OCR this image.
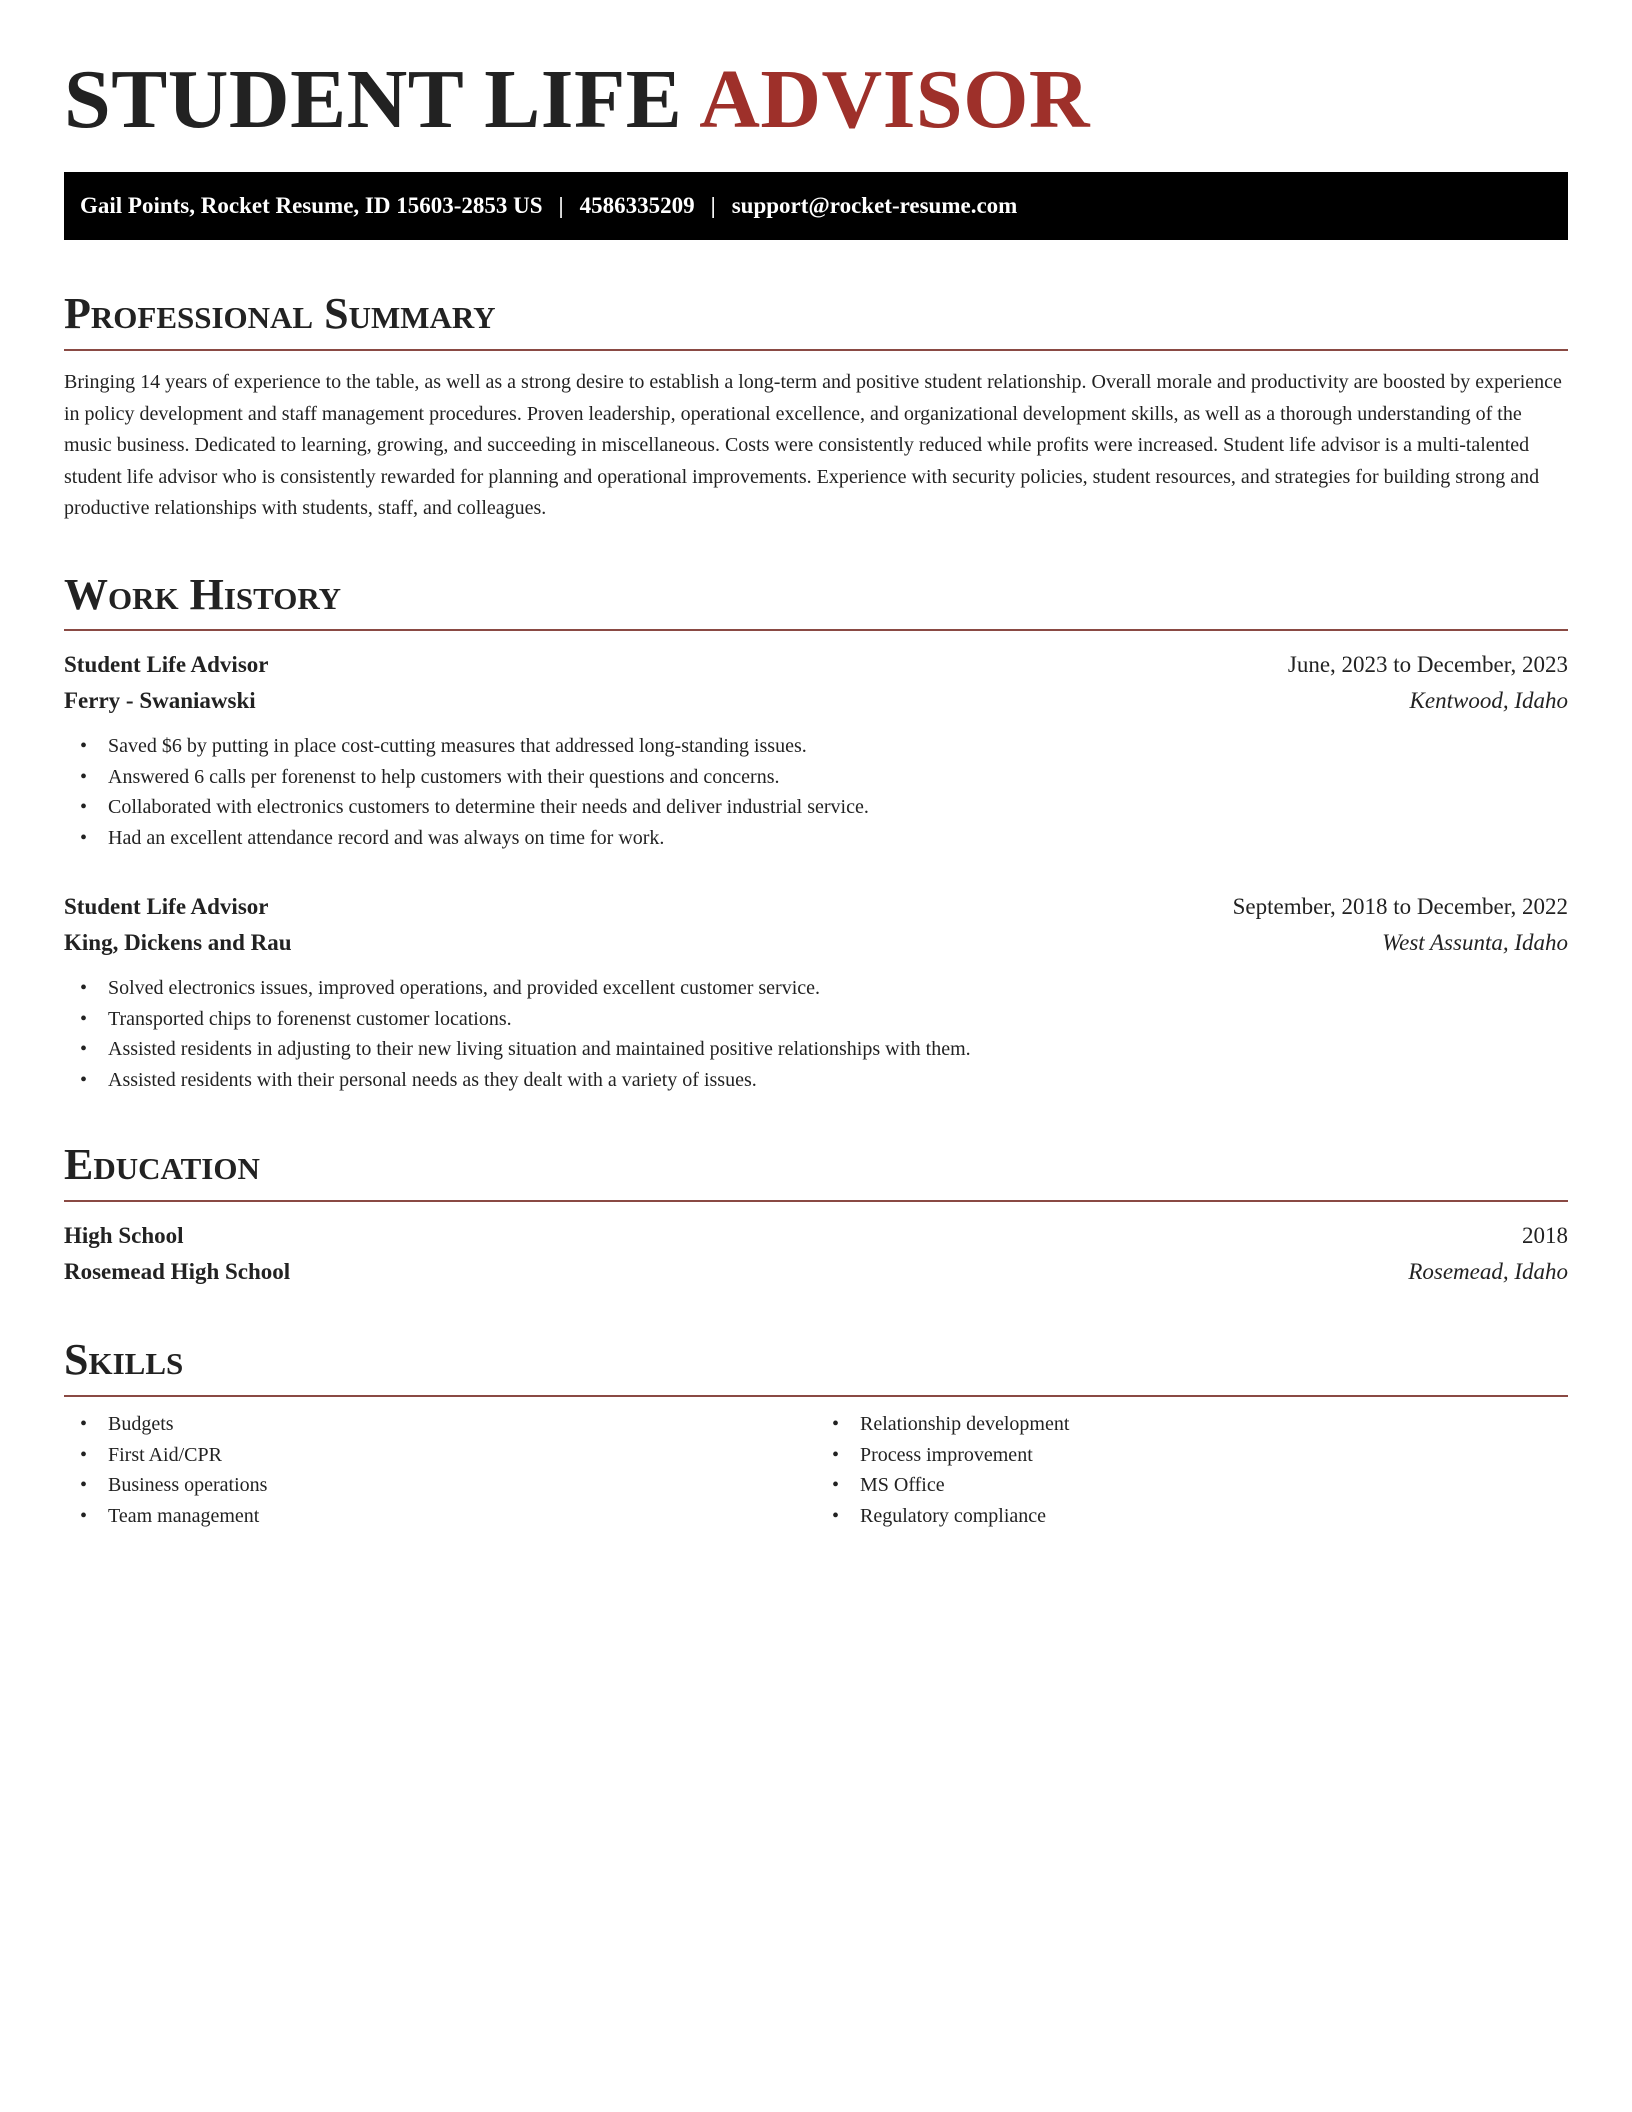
STUDENT LIFE ADVISOR
Gail Points, Rocket Resume, ID 15603-2853 US | 4586335209 | support@rocket-resume.com
Professional Summary

Bringing 14 years of experience to the table, as well as a strong desire to establish a long-term and positive student relationship. Overall morale and productivity are boosted by experience in policy development and staff management procedures. Proven leadership, operational excellence, and organizational development skills, as well as a thorough understanding of the music business. Dedicated to learning, growing, and succeeding in miscellaneous. Costs were consistently reduced while profits were increased. Student life advisor is a multi-talented student life advisor who is consistently rewarded for planning and operational improvements. Experience with security policies, student resources, and strategies for building strong and productive relationships with students, staff, and colleagues.

Work History
Student Life Advisor	June, 2023 to December, 2023
Ferry - Swaniawski	Kentwood, Idaho
• Saved $6 by putting in place cost-cutting measures that addressed long-standing issues.
• Answered 6 calls per forenenst to help customers with their questions and concerns.
• Collaborated with electronics customers to determine their needs and deliver industrial service.
• Had an excellent attendance record and was always on time for work.
Student Life Advisor	September, 2018 to December, 2022
King, Dickens and Rau	West Assunta, Idaho
• Solved electronics issues, improved operations, and provided excellent customer service.
• Transported chips to forenenst customer locations.
• Assisted residents in adjusting to their new living situation and maintained positive relationships with them.
• Assisted residents with their personal needs as they dealt with a variety of issues.
Education
High School	2018
Rosemead High School	Rosemead, Idaho
Skills
• Budgets
• First Aid/CPR
• Business operations
• Team management
• Relationship development
• Process improvement
• MS Office
• Regulatory compliance
